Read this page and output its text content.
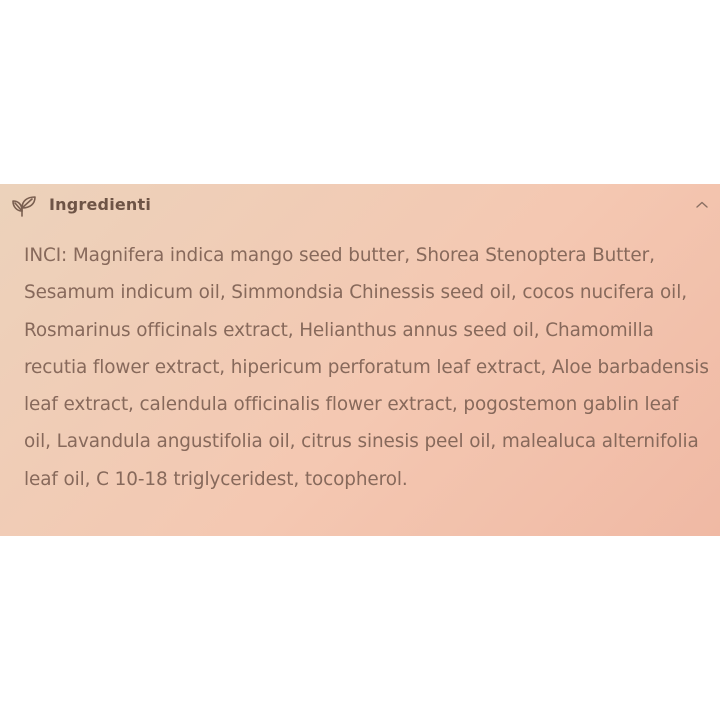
Ingredienti
INCI: Magnifera indica mango seed butter, Shorea Stenoptera Butter, Sesamum indicum oil, Simmondsia Chinessis seed oil, cocos nucifera oil, Rosmarinus officinals extract, Helianthus annus seed oil, Chamomilla recutia flower extract, hipericum perforatum leaf extract, Aloe barbadensis leaf extract, calendula officinalis flower extract, pogostemon gablin leaf oil, Lavandula angustifolia oil, citrus sinesis peel oil, malealuca alternifolia leaf oil, C 10-18 triglyceridest, tocopherol.
